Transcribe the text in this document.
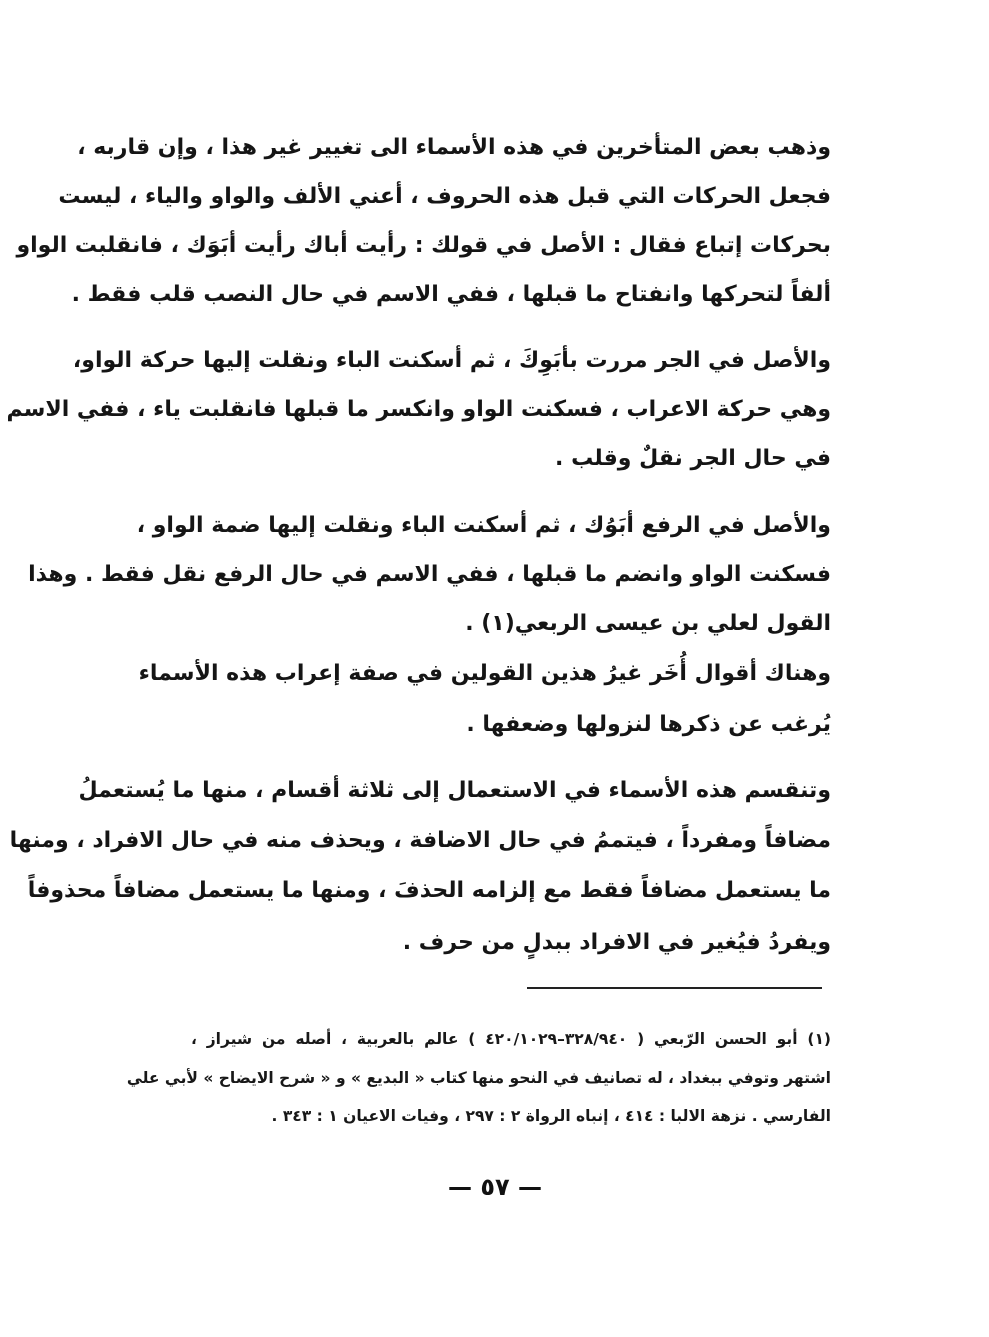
وذهب بعض المتأخرين في هذه الأسماء الى تغيير غير هذا ، وإن قاربه ،
فجعل الحركات التي قبل هذه الحروف ، أعني الألف والواو والياء ، ليست
بحركات إتباع فقال : الأصل في قولك : رأيت أباك رأيت أبَوَك ، فانقلبت الواو
ألفاً لتحركها وانفتاح ما قبلها ، ففي الاسم في حال النصب قلب فقط .
والأصل في الجر مررت بأبَوِكَ ، ثم أسكنت الباء ونقلت إليها حركة الواو،
وهي حركة الاعراب ، فسكنت الواو وانكسر ما قبلها فانقلبت ياء ، ففي الاسم
في حال الجر نقلٌ وقلب .
والأصل في الرفع أبَوُك ، ثم أسكنت الباء ونقلت إليها ضمة الواو ،
فسكنت الواو وانضم ما قبلها ، ففي الاسم في حال الرفع نقل فقط . وهذا
القول لعلي بن عيسى الربعي(١) .
وهناك أقوال أُخَر غيرُ هذين القولين في صفة إعراب هذه الأسماء
يُرغب عن ذكرها لنزولها وضعفها .
وتنقسم هذه الأسماء في الاستعمال إلى ثلاثة أقسام ، منها ما يُستعملُ
مضافاً ومفرداً ، فيتممُ في حال الاضافة ، ويحذف منه في حال الافراد ، ومنها
ما يستعمل مضافاً فقط مع إلزامه الحذفَ ، ومنها ما يستعمل مضافاً محذوفاً
ويفردُ فيُغير في الافراد ببدلٍ من حرف .
(١) أبو الحسن الرّبعي ( ٣٢٨/٩٤٠–٤٢٠/١٠٢٩ ) عالم بالعربية ، أصله من شيراز ،
اشتهر وتوفي ببغداد ، له تصانيف في النحو منها كتاب « البديع » و « شرح الايضاح » لأبي علي
الفارسي . نزهة الالبا : ٤١٤ ، إنباه الرواة ٢ : ٢٩٧ ، وفيات الاعيان ١ : ٣٤٣ .
— ٥٧ —
